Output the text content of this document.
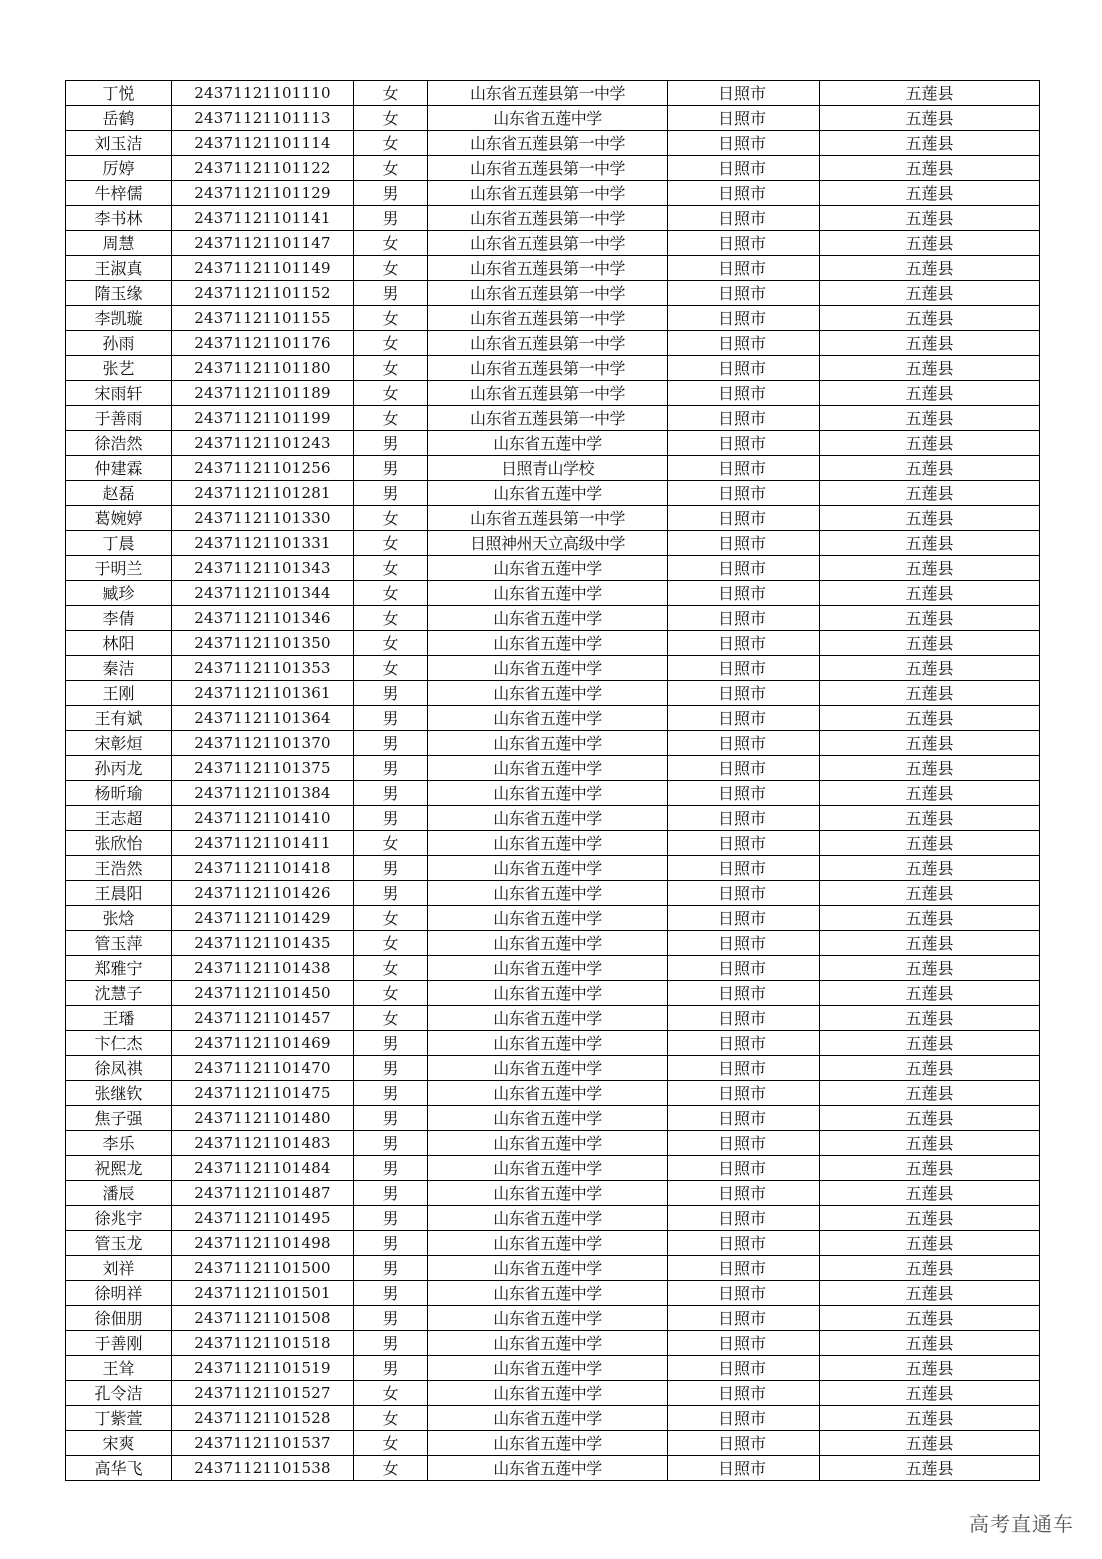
丁悦	24371121101110	女	山东省五莲县第一中学	日照市	五莲县
岳鹤	24371121101113	女	山东省五莲中学	日照市	五莲县
刘玉洁	24371121101114	女	山东省五莲县第一中学	日照市	五莲县
厉婷	24371121101122	女	山东省五莲县第一中学	日照市	五莲县
牛梓儒	24371121101129	男	山东省五莲县第一中学	日照市	五莲县
李书林	24371121101141	男	山东省五莲县第一中学	日照市	五莲县
周慧	24371121101147	女	山东省五莲县第一中学	日照市	五莲县
王淑真	24371121101149	女	山东省五莲县第一中学	日照市	五莲县
隋玉缘	24371121101152	男	山东省五莲县第一中学	日照市	五莲县
李凯璇	24371121101155	女	山东省五莲县第一中学	日照市	五莲县
孙雨	24371121101176	女	山东省五莲县第一中学	日照市	五莲县
张艺	24371121101180	女	山东省五莲县第一中学	日照市	五莲县
宋雨轩	24371121101189	女	山东省五莲县第一中学	日照市	五莲县
于善雨	24371121101199	女	山东省五莲县第一中学	日照市	五莲县
徐浩然	24371121101243	男	山东省五莲中学	日照市	五莲县
仲建霖	24371121101256	男	日照青山学校	日照市	五莲县
赵磊	24371121101281	男	山东省五莲中学	日照市	五莲县
葛婉婷	24371121101330	女	山东省五莲县第一中学	日照市	五莲县
丁晨	24371121101331	女	日照神州天立高级中学	日照市	五莲县
于明兰	24371121101343	女	山东省五莲中学	日照市	五莲县
臧珍	24371121101344	女	山东省五莲中学	日照市	五莲县
李倩	24371121101346	女	山东省五莲中学	日照市	五莲县
林阳	24371121101350	女	山东省五莲中学	日照市	五莲县
秦洁	24371121101353	女	山东省五莲中学	日照市	五莲县
王刚	24371121101361	男	山东省五莲中学	日照市	五莲县
王有斌	24371121101364	男	山东省五莲中学	日照市	五莲县
宋彰烜	24371121101370	男	山东省五莲中学	日照市	五莲县
孙丙龙	24371121101375	男	山东省五莲中学	日照市	五莲县
杨昕瑜	24371121101384	男	山东省五莲中学	日照市	五莲县
王志超	24371121101410	男	山东省五莲中学	日照市	五莲县
张欣怡	24371121101411	女	山东省五莲中学	日照市	五莲县
王浩然	24371121101418	男	山东省五莲中学	日照市	五莲县
王晨阳	24371121101426	男	山东省五莲中学	日照市	五莲县
张焓	24371121101429	女	山东省五莲中学	日照市	五莲县
管玉萍	24371121101435	女	山东省五莲中学	日照市	五莲县
郑雅宁	24371121101438	女	山东省五莲中学	日照市	五莲县
沈慧子	24371121101450	女	山东省五莲中学	日照市	五莲县
王璠	24371121101457	女	山东省五莲中学	日照市	五莲县
卞仁杰	24371121101469	男	山东省五莲中学	日照市	五莲县
徐凤祺	24371121101470	男	山东省五莲中学	日照市	五莲县
张继钦	24371121101475	男	山东省五莲中学	日照市	五莲县
焦子强	24371121101480	男	山东省五莲中学	日照市	五莲县
李乐	24371121101483	男	山东省五莲中学	日照市	五莲县
祝熙龙	24371121101484	男	山东省五莲中学	日照市	五莲县
潘辰	24371121101487	男	山东省五莲中学	日照市	五莲县
徐兆宇	24371121101495	男	山东省五莲中学	日照市	五莲县
管玉龙	24371121101498	男	山东省五莲中学	日照市	五莲县
刘祥	24371121101500	男	山东省五莲中学	日照市	五莲县
徐明祥	24371121101501	男	山东省五莲中学	日照市	五莲县
徐佃朋	24371121101508	男	山东省五莲中学	日照市	五莲县
于善刚	24371121101518	男	山东省五莲中学	日照市	五莲县
王耸	24371121101519	男	山东省五莲中学	日照市	五莲县
孔令洁	24371121101527	女	山东省五莲中学	日照市	五莲县
丁紫萱	24371121101528	女	山东省五莲中学	日照市	五莲县
宋爽	24371121101537	女	山东省五莲中学	日照市	五莲县
高华飞	24371121101538	女	山东省五莲中学	日照市	五莲县
高考直通车
